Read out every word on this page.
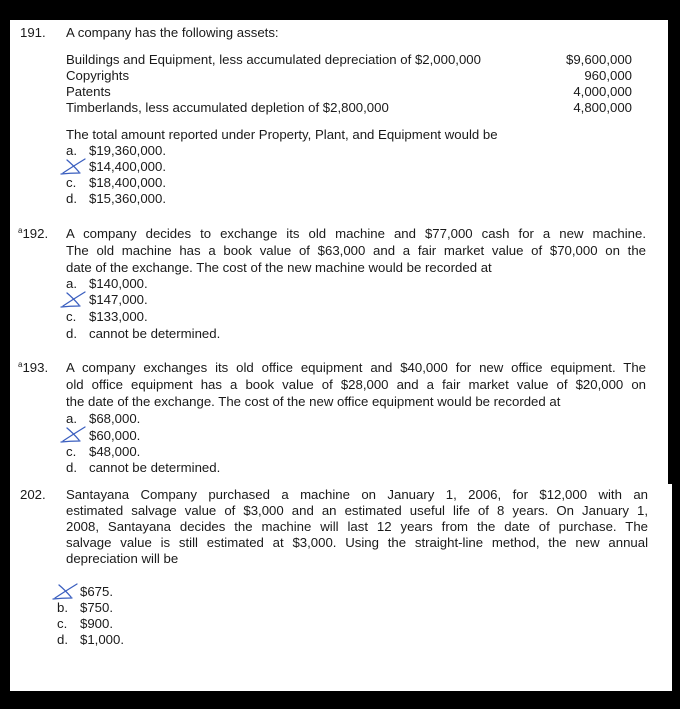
191. A company has the following assets:
Buildings and Equipment, less accumulated depreciation of $2,000,000	$9,600,000
Copyrights	960,000
Patents	4,000,000
Timberlands, less accumulated depletion of $2,800,000	4,800,000
The total amount reported under Property, Plant, and Equipment would be
a. $19,360,000.
$14,400,000.
c. $18,400,000.
d. $15,360,000.
$^a$192. A company decides to exchange its old machine and $77,000 cash for a new machine.
The old machine has a book value of $63,000 and a fair market value of $70,000 on the
date of the exchange. The cost of the new machine would be recorded at
a. $140,000.
$147,000.
c. $133,000.
d. cannot be determined.
$^a$193. A company exchanges its old office equipment and $40,000 for new office equipment. The
old office equipment has a book value of $28,000 and a fair market value of $20,000 on
the date of the exchange. The cost of the new office equipment would be recorded at
a. $68,000.
$60,000.
c. $48,000.
d. cannot be determined.
202. Santayana Company purchased a machine on January 1, 2006, for $12,000 with an
estimated salvage value of $3,000 and an estimated useful life of 8 years. On January 1,
2008, Santayana decides the machine will last 12 years from the date of purchase. The
salvage value is still estimated at $3,000. Using the straight-line method, the new annual
depreciation will be
$675.
b. $750.
c. $900.
d. $1,000.
